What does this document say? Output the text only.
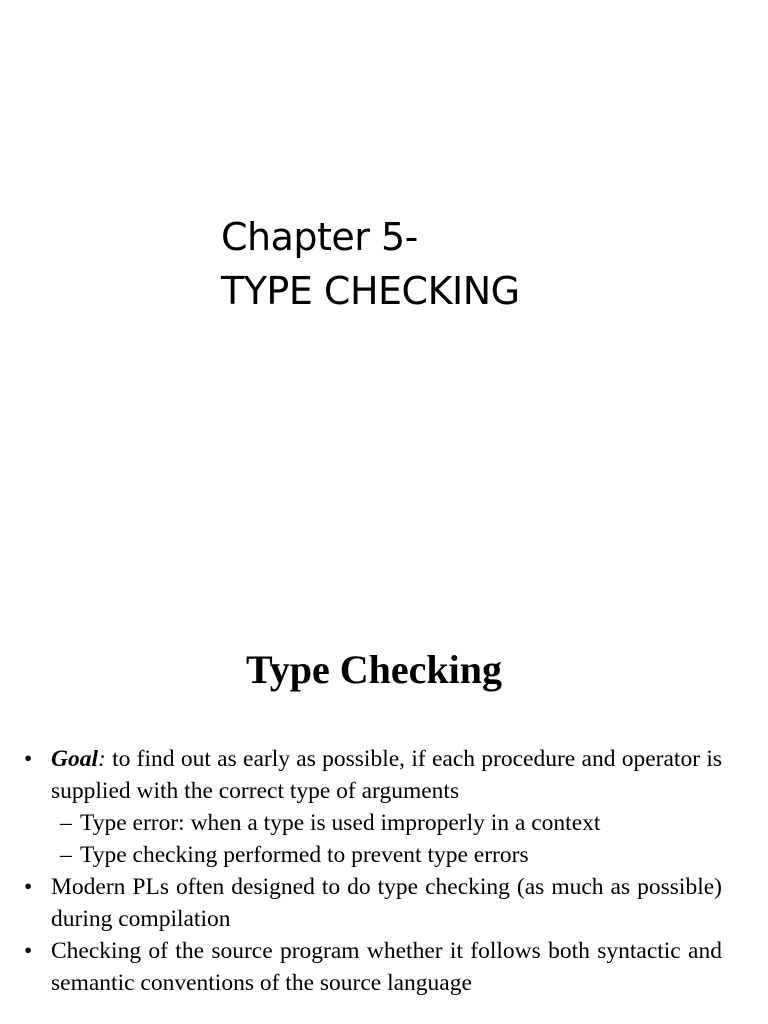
Chapter 5-
TYPE CHECKING
Type Checking
• Goal: to find out as early as possible, if each procedure and operator is supplied with the correct type of arguments
– Type error: when a type is used improperly in a context
– Type checking performed to prevent type errors
• Modern PLs often designed to do type checking (as much as possible) during compilation
• Checking of the source program whether it follows both syntactic and semantic conventions of the source language
